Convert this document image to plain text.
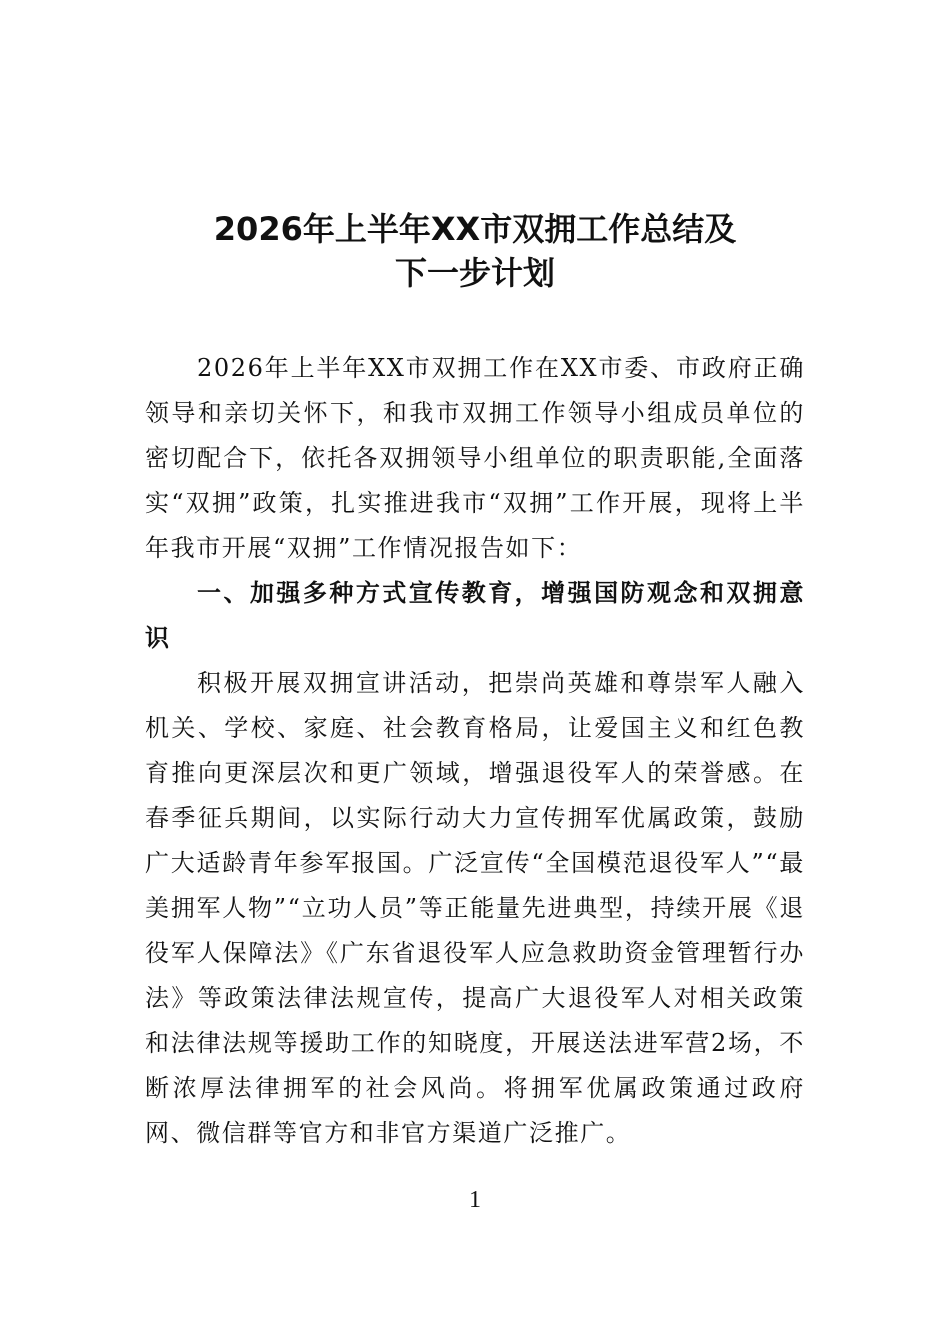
2026年上半年XX市双拥工作总结及
下一步计划

2026年上半年XX市双拥工作在XX市委、市政府正确领导和亲切关怀下，和我市双拥工作领导小组成员单位的密切配合下，依托各双拥领导小组单位的职责职能,全面落实“双拥”政策，扎实推进我市“双拥”工作开展，现将上半年我市开展“双拥”工作情况报告如下：

一、加强多种方式宣传教育，增强国防观念和双拥意识

积极开展双拥宣讲活动，把崇尚英雄和尊崇军人融入机关、学校、家庭、社会教育格局，让爱国主义和红色教育推向更深层次和更广领域，增强退役军人的荣誉感。在春季征兵期间，以实际行动大力宣传拥军优属政策，鼓励广大适龄青年参军报国。广泛宣传“全国模范退役军人”“最美拥军人物”“立功人员”等正能量先进典型，持续开展《退役军人保障法》《广东省退役军人应急救助资金管理暂行办法》等政策法律法规宣传，提高广大退役军人对相关政策和法律法规等援助工作的知晓度，开展送法进军营2场，不断浓厚法律拥军的社会风尚。将拥军优属政策通过政府网、微信群等官方和非官方渠道广泛推广。

1
